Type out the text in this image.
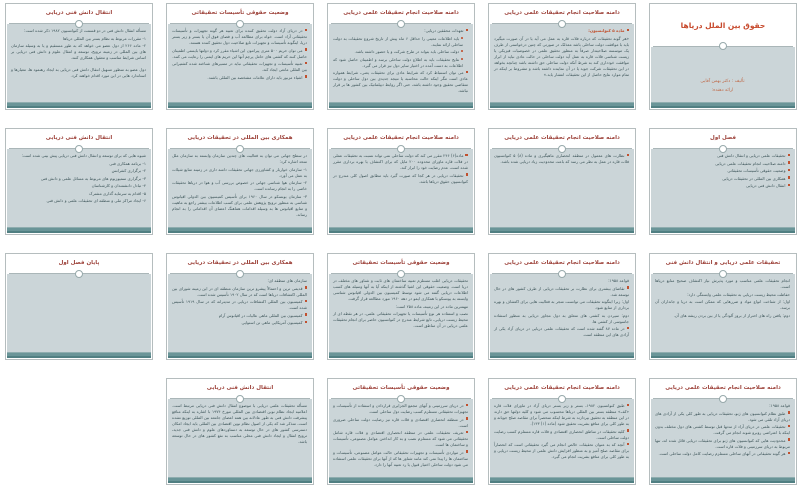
حقوق بین الملل دریاها
تألیف : دکتر بهمن آقایی
ارائه دهنده:
دامنه صلاحیت انجام تحقیقات علمی دریایی
ماده ۵ کنوانسیون:
«هر گونه تحقیقات که درباره فلات قاره به عمل می آید یا در آن صورت میگیرد باید با موافقت دولت ساحلی باشد معذلک در صورتی که چنین درخواستی از طرف یک موسسه صلاحیتدار صرفاً به منظور تحقیق علمی در خصوصیات فیزیکی یا زیست شناسی فلات قاره به عمل آید دولت ساحلی در حالت عادی نباید از ابراز موافقت خودداری کند به شرط آنکه دولت ساحلی حق داشته باشد چنانچه بخواهد در این تحقیقات شرکت جوید یا در آن نماینده داشته باشد و مشروط بر اینکه در تمام موارد نتایج حاصل از این تحقیقات انتشار یابد.»
دامنه صلاحیت انجام تحقیقات علمی دریایی
تعهدات محققین دریایی:
باید اطلاعات معینی را حداقل ۶ ماه پیش از تاریخ شروع تحقیقات به دولت ساحلی ارائه نمایند.
دولت ساحلی باید بتواند در طرح شرکت و یا حضور داشته باشد.
نتایج تحقیقات باید به اطلاع دولت ساحلی برسد و اطمینان حاصل شود که اطلاعات به دست آمده در اختیار سایر دول نیز قرار می گیرد.
می توان استنباط کرد که شرایط عادی برای تحقیقات یعنی، شرایط همواره عادی است مگر اینکه حالت محاسبه یا نتیجه جدیدی بین دول ساحلی و دولت متقاضی تحقیق وجود داشته باشد، حتی اگر روابط دیپلماتیک بین کشور ها بر قرار نباشد.
وضعیت حقوقی تأسیسات تحقیقاتی
در دریای آزاد دولت تحقیق کننده برای تعبیه هر گونه تجهیزات و تأسیسات تحقیقاتی آزاد است. خواه برای مطالعه آب و فضای فوق آن یا بستر و زیر بستر دریا، اینگونه تأسیسات و تجهیزات تابع صلاحیت دول تحقیق کننده هستند.
می توان حریم ۵۰۰ متری پیرامون این اشیاء مقرر کرد و دولتها بایستی اطمینان حاصل کنند که کشتی های حامل پرچم آنها این حریم های ایمنی را رعایت می کنند.
تعبیه تأسیسات و تجهیزات تحقیقاتی نباید در مسیرهای شناخته شده کشتیرانی بین المللی مانعی ایجاد کند.
اشیاء مزبور باید دارای علامات مشخصه بین المللی باشند.
انتقال دانش فنی دریایی
مسأله انتقال دانش فنی در دو قسمت از کنوانسیون ۱۹۸۲ ذکر شده است:
۱- مقررات مربوط به نظام بستر بین المللی دریاها
۲- ماده ۲۶۶ از دول عضو می خواهد که به طور مستقیم و یا به وسیله سازمان های بین المللی در زمینه ترویج، توسعه و انتقال علوم و دانش فنی دریایی بر اساس شرایط مناسب و معقول همکاری کنند.
دول عضو به منظور تسهیل انتقال دانش فنی دریایی به ایجاد رهنمود ها، معیارها و استاندارد هایی در این مورد اقدام خواهند کرد.
فصل اول
تحقیقات علمی دریایی و انتقال دانش فنی
دامنه صلاحیت انجام تحقیقات علمی دریایی
وضعیت حقوقی تأسیسات تحقیقاتی
همکاری بین المللی در تحقیقات دریایی
انتقال دانش فنی دریایی
دامنه صلاحیت انجام تحقیقات علمی دریایی
نظارت های معمول در منطقه انحصاری ماهیگیری و ماده (۸) ۵ کنوانسیون فلات قاره در عمل به نظر می رسد که باعث محدودیت زیاد دریایی شده باشد.
دامنه صلاحیت انجام تحقیقات علمی دریایی
ماده(۶) ۲۴۶ مقرر می کند که دولت ساحلی نمی تواند نسبت به تحقیقات عملی در فلات قاره ماورای محدوده ۲۰۰ مایل که برای اکتشاف یا بهره برداری مقرر شده است، عدم رضایت خود را ابراز کند.
تحقیقات دریایی در هر کجا که صورت گیرد باید مطابق اصول کلی مندرج در کنوانسیون حقوق دریاها باشد.
همکاری بین المللی در تحقیقات دریایی
در سطح جهانی می توان به فعالیت های چندین سازمان وابسته به سازمان ملل متحد اشاره کرد:
۱- سازمان خواربار و کشاورزی جهانی تحقیقات دامنه داری در زمینه منابع شیلات به عمل می آورد.
۲- سازمان هوا شناسی جهانی در خصوص بررسی آب و هوا در دریاها تحقیقات خاصی را به انجام رسانده است.
۳- سازمان یونسکو در سال ۱۹۶۰ برای تأسیس کمیسیون بین الدولی اقیانوس شناسی به منظور ترویج پژوهش علمی برای کسب اطلاعات بیشتر راجع به ماهیت و منابع اقیانوس ها به وسیله اقدامات هماهنگ اعضای آن اقداماتی را به انجام رساند.
انتقال دانش فنی دریایی
شیوه هایی که برای توسعه و انتقال دانش فنی دریایی پیش بینی شده است:
۱- برنامه همکاری فنی
۲- برگزاری کنفرانس
۳- برگزاری سمپوزیوم های مربوط به مسائل علمی و دانش فنی
۴- تبادل دانشمندان و کارشناسان
۵- اقدام به سرمایه گذاری مشترک
۶- ایجاد مراکز ملی و منطقه ای تحقیقات علمی و دانش فنی
تحقیقات علمی دریایی و انتقال دانش فنی
انجام تحقیقات علمی مناسب و مورد پذیرش نیاز اکتشاف صحیح منابع دریاها است.
حفاظت محیط زیست دریایی به تحقیقات علمی وابستگی دارد:
اول: از شناخت انواع مواد و ضررهایی که ممکن است به دریا و جانداران آن برسد.
دوم: یافتن راه های احتراز از بروز آلودگی یا از بین بردن ریشه های آن.
دامنه صلاحیت انجام تحقیقات علمی دریایی
قواعد ۱۹۵۸:
تقاضای بیشتری برای نظارت بر تحقیقات دریایی از طرف کشور های در حال توسعه شد.
اول: زیرا اینگونه تحقیقات می توانست منجر به فعالیت هایی برای اکتشاف و بهره برداری از منابع شود.
دوم: سپردن به کشتی های متعلق به دول مجاور دریایی به منظور استفاده جاسوسی از کشتی ها.
در ماده ۸۷ گفته شده است که تحقیقات علمی دریایی در دریای آزاد یکی از آزادی های این منطقه است.
وضعیت حقوقی تأسیسات تحقیقاتی
تحقیقات دریایی اغلب مستلزم تعبیه ساختمان های ثابت و شناور های مختلف در دریا است. وضعیت حقوقی این اشیا گذشته از اینکه آیا به آنها وسیله های کسب اطلاعات دریایی گفته می شود توسط کمیسیون بین الدولی اقیانوس شناسی وابسته به یونسکو با همکاری ایمو در دهه ۱۹۶۰ مورد مطالعه قرار گرفت.
مهمترین ماده در این زمینه، ماده ۲۵۸ است:
نصب و استفاده هر نوع تأسیسات یا تجهیزات تحقیقاتی علمی، در هر نقطه ای از محیط زیست دریایی، تابع شرایط مندرج در کنوانسیون حاضر برای انجام تحقیقات علمی دریایی در آن مناطق است.
همکاری بین المللی در تحقیقات دریایی
سازمان های منطقه ای:
قدیمی ترین و احتمالاً پیشرو ترین سازمان منطقه ای در این زمینه شورای بین المللی اکتشافات دریاها است که در سال ۱۹۰۲ تأسیس شده است.
کمیسیون بین المللی اکتشافات دریایی در مدیترانه که در سال ۱۹۱۹ تأسیس شده است.
کمیسیون بین المللی ماهی عالیات در اقیانوس آرام
کمیسیون آمریکایی ماهی تن استوایی
پایان فصل اول
دامنه صلاحیت انجام تحقیقات علمی دریایی
قواعد ۱۹۵۸:
طبق نظام کنوانسیون های ژنو، تحقیقات دریایی به طور کلی یکی از آزادی های دریای آزاد تلقی می شود.
تحقیقات علمی در دریای آزاد از مدتها قبل توسط کشتی های دول مختلف بدون اینکه با اعتراضی روبرو شوند انجام می گرفت.
محدودیت هایی که کنوانسیون های ژنو برای تحقیقات دریایی قائل شده اند، تنها مربوط به دریای سرزمینی و فلات قاره است.
هر گونه تحقیقاتی در آبهای ساحلی مستلزم رضایت کامل دولت ساحلی است.
دامنه صلاحیت انجام تحقیقات علمی دریایی
طبق کنوانسیون ۱۹۸۲، بستر و زیر بستر دریای آزاد در ماورای فلات قاره «کف» منطقه بستر بین المللی دریاها محسوب می شود و کلیه دولتها حق دارند در این منطقه به تحقیق بپردازند به شرط اینکه منحصراً برای مقاصد صلح جویانه و به طور کلی برای منافع بشریت تحقیق شود (ماده (۱) ۱۴۳).
کلیه تحقیقات در مناطق انحصاری اقتصادی و فلات قاره مستلزم کسب رضایت دولت ساحلی است.
آنچه که به عنوان تحقیقات خالص انجام می گیرد تحقیقاتی است که انحصاراً برای مقاصد صلح آمیز و به منظور افزایش دانش علمی از محیط زیست دریایی و به طور کلی برای منافع بشریت انجام می گیرد.
وضعیت حقوقی تأسیسات تحقیقاتی
در دریای سرزمینی و آبهای مجمع الجزایری قراردادن و استفاده از تأسیسات و تجهیزات تحقیقاتی مستلزم کسب رضایت دول ساحلی است.
در منطقه انحصاری اقتصادی و فلات قاره نیز رضایت دولت ساحلی ضروری است.
تعریف تحقیقات علمی در منطقه انحصاری اقتصادی و فلات قاره شامل تحقیقاتی می شود که مستلزم نصب و به کار انداختن عوامل مصنوعی، تأسیسات و ساختمان ها است.
در مواردی تأسیسات و تجهیزات تحقیقاتی حالت عوامل مصنوعی، تأسیسات و ساختمان ها را پیدا نمی کند مانند شناور ها که از آنها برای تحقیقات علمی استفاده می شود دولت ساحلی اختیار قبول یا رد تعبیه آنها را دارد.
انتقال دانش فنی دریایی
مسأله تحقیقات علمی دریایی با موضوع انتقال دانش فنی دریایی مرتبط است. اعلامیه ایجاد نظام نوین اقتصادی بین المللی مورخ ۱۹۷۴ با اشاره به اینکه منافع پیشرفت دانش فنی به طور عادلانه بین همه اعضای جامعه بین المللی توزیع نشده است، متذکر شد که یکی از اصول نظام نوین اقتصادی بین المللی باید ایجاد امکان دسترسی کشور های در حال توسعه به دستاوردهای علوم و دانش فنی جدید، ترویج انتقال و ایجاد دانش فنی محلی مناسب به نفع کشور های در حال توسعه باشد.
